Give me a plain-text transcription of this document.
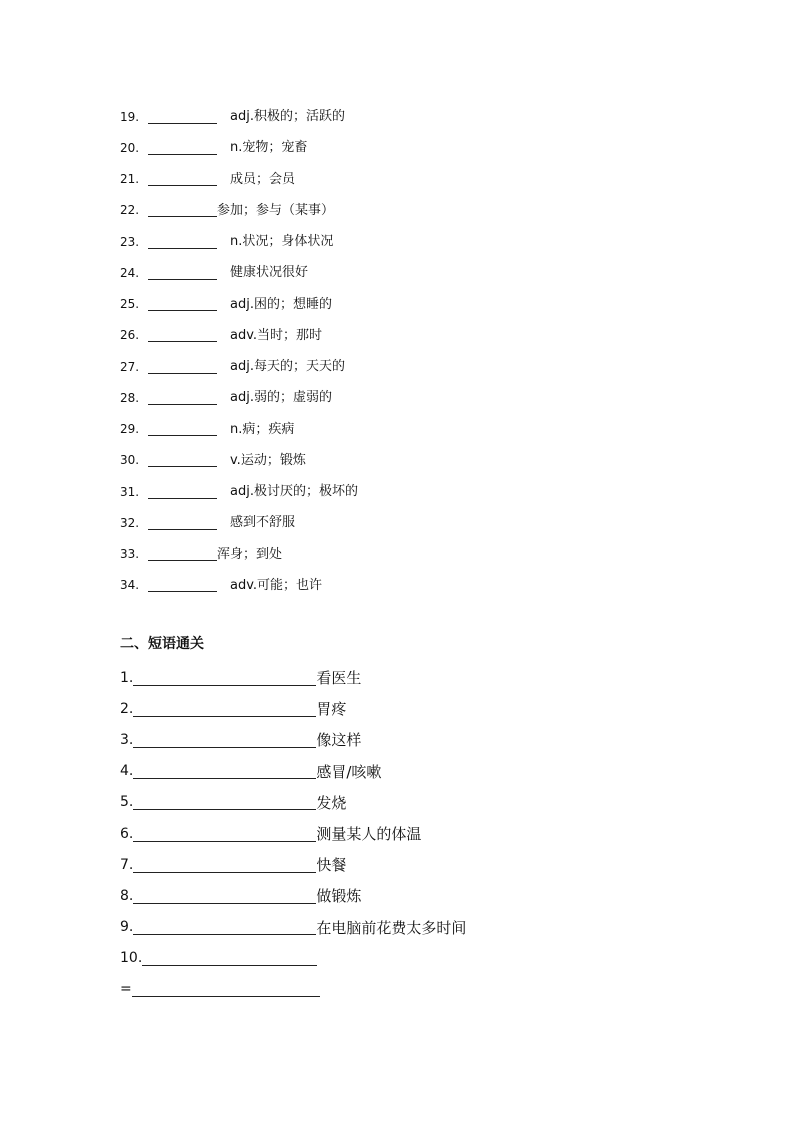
19.	adj.积极的；活跃的
20.	n.宠物；宠畜
21.	成员；会员
22.	参加；参与（某事）
23.	n.状况；身体状况
24.	健康状况很好
25.	adj.困的；想睡的
26.	adv.当时；那时
27.	adj.每天的；天天的
28.	adj.弱的；虚弱的
29.	n.病；疾病
30.	v.运动；锻炼
31.	adj.极讨厌的；极坏的
32.	感到不舒服
33.	浑身；到处
34.	adv.可能；也许
二、短语通关
1.	看医生
2.	胃疼
3.	像这样
4.	感冒/咳嗽
5.	发烧
6.	测量某人的体温
7.	快餐
8.	做锻炼
9.	在电脑前花费太多时间
10.
=
